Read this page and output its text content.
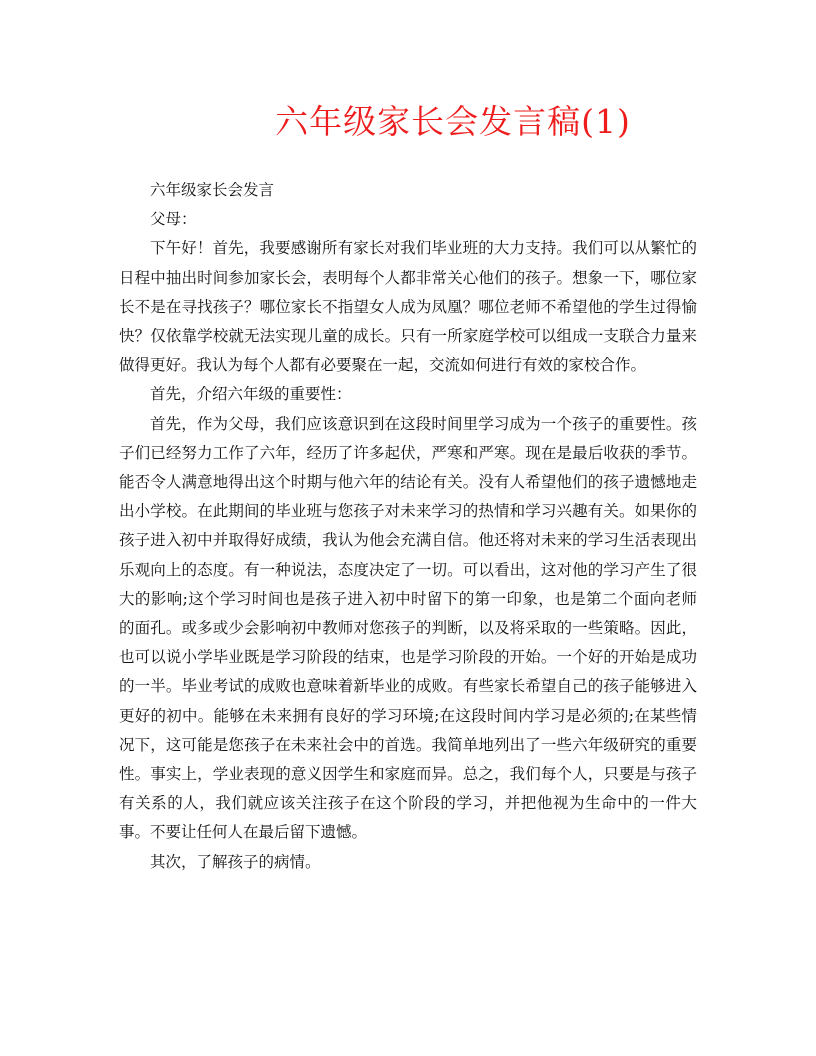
六年级家长会发言稿(1)

六年级家长会发言

父母：

下午好！首先，我要感谢所有家长对我们毕业班的大力支持。我们可以从繁忙的日程中抽出时间参加家长会，表明每个人都非常关心他们的孩子。想象一下，哪位家长不是在寻找孩子？哪位家长不指望女人成为凤凰？哪位老师不希望他的学生过得愉快？仅依靠学校就无法实现儿童的成长。只有一所家庭学校可以组成一支联合力量来做得更好。我认为每个人都有必要聚在一起，交流如何进行有效的家校合作。

首先，介绍六年级的重要性：

首先，作为父母，我们应该意识到在这段时间里学习成为一个孩子的重要性。孩子们已经努力工作了六年，经历了许多起伏，严寒和严寒。现在是最后收获的季节。能否令人满意地得出这个时期与他六年的结论有关。没有人希望他们的孩子遗憾地走出小学校。在此期间的毕业班与您孩子对未来学习的热情和学习兴趣有关。如果你的孩子进入初中并取得好成绩，我认为他会充满自信。他还将对未来的学习生活表现出乐观向上的态度。有一种说法，态度决定了一切。可以看出，这对他的学习产生了很大的影响;这个学习时间也是孩子进入初中时留下的第一印象，也是第二个面向老师的面孔。或多或少会影响初中教师对您孩子的判断，以及将采取的一些策略。因此，也可以说小学毕业既是学习阶段的结束，也是学习阶段的开始。一个好的开始是成功的一半。毕业考试的成败也意味着新毕业的成败。有些家长希望自己的孩子能够进入更好的初中。能够在未来拥有良好的学习环境;在这段时间内学习是必须的;在某些情况下，这可能是您孩子在未来社会中的首选。我简单地列出了一些六年级研究的重要性。事实上，学业表现的意义因学生和家庭而异。总之，我们每个人，只要是与孩子有关系的人，我们就应该关注孩子在这个阶段的学习，并把他视为生命中的一件大事。不要让任何人在最后留下遗憾。

其次，了解孩子的病情。
